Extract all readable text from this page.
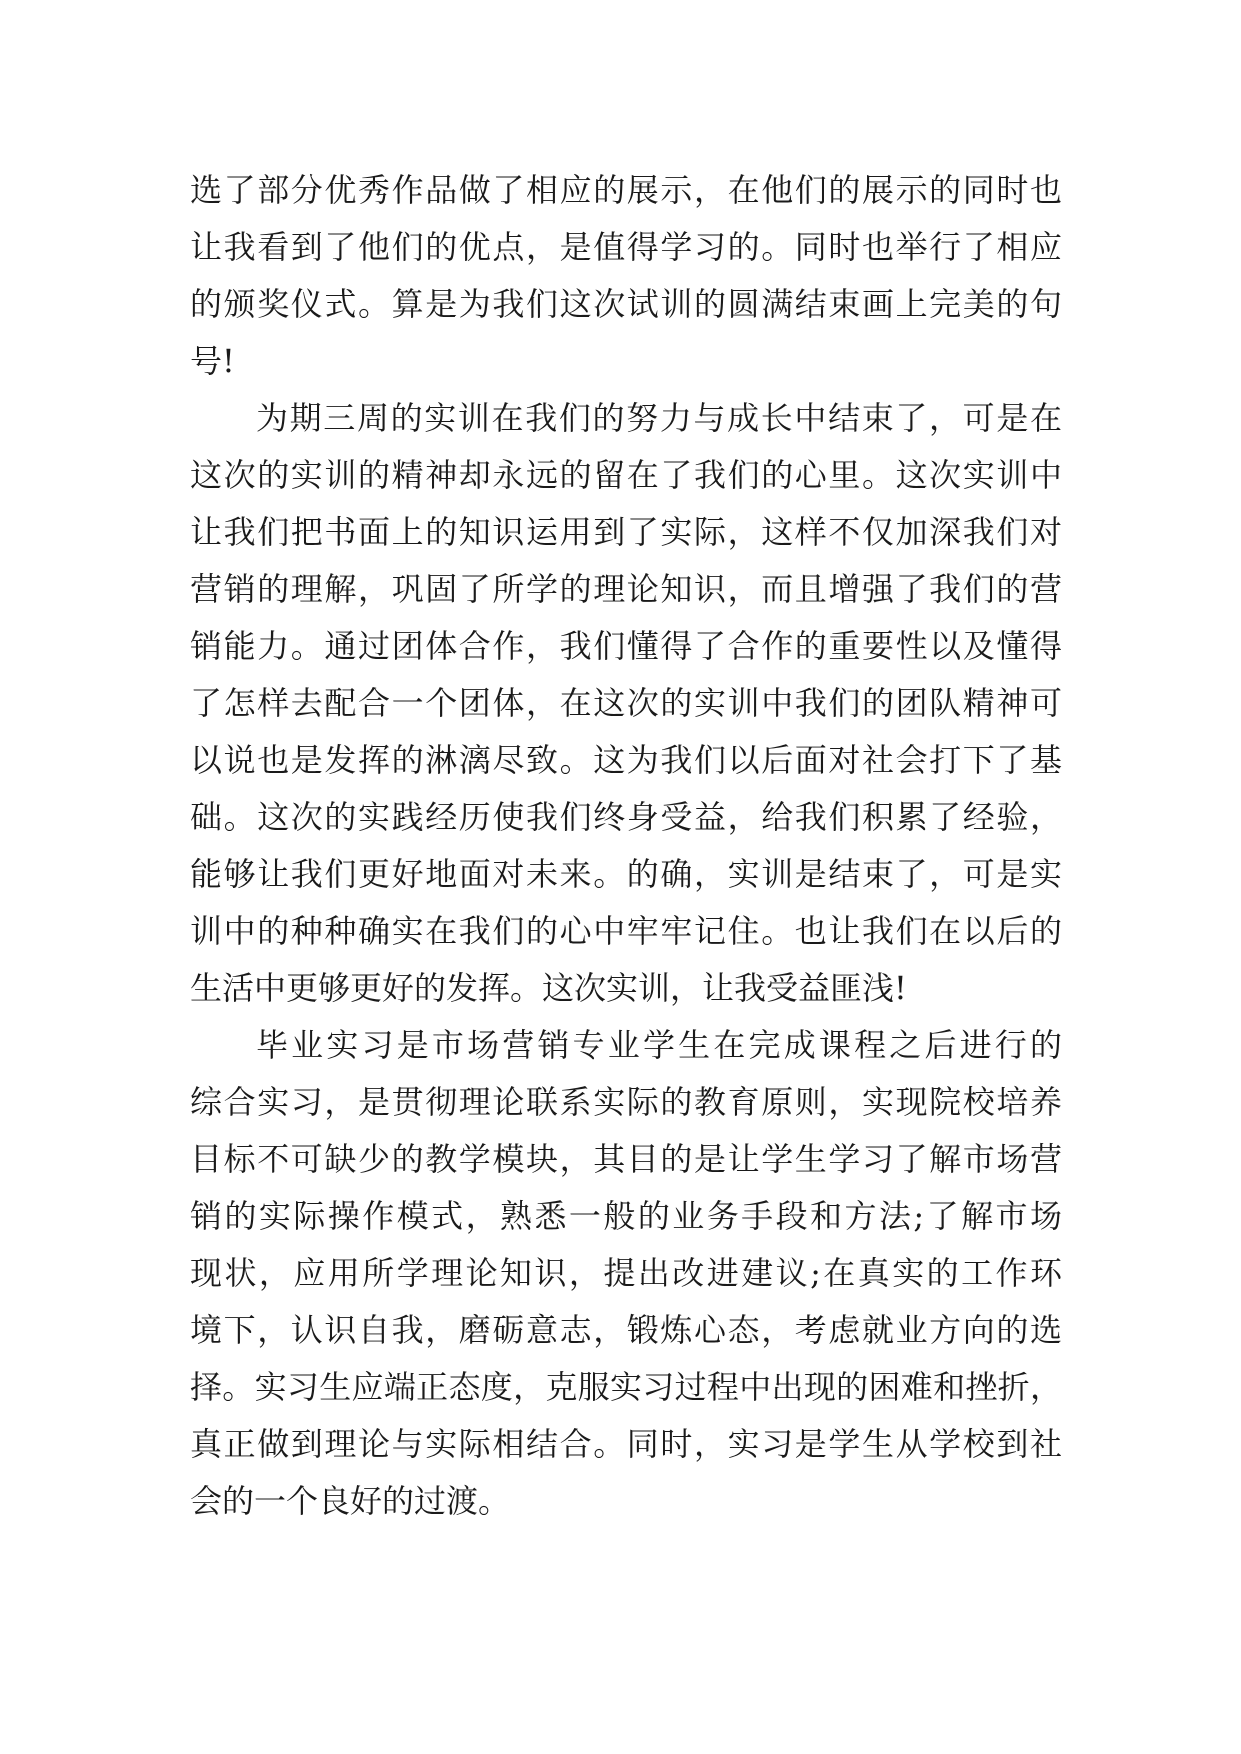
选了部分优秀作品做了相应的展示，在他们的展示的同时也
让我看到了他们的优点，是值得学习的。同时也举行了相应
的颁奖仪式。算是为我们这次试训的圆满结束画上完美的句
号!
为期三周的实训在我们的努力与成长中结束了，可是在
这次的实训的精神却永远的留在了我们的心里。这次实训中
让我们把书面上的知识运用到了实际，这样不仅加深我们对
营销的理解，巩固了所学的理论知识，而且增强了我们的营
销能力。通过团体合作，我们懂得了合作的重要性以及懂得
了怎样去配合一个团体，在这次的实训中我们的团队精神可
以说也是发挥的淋漓尽致。这为我们以后面对社会打下了基
础。这次的实践经历使我们终身受益，给我们积累了经验，
能够让我们更好地面对未来。的确，实训是结束了，可是实
训中的种种确实在我们的心中牢牢记住。也让我们在以后的
生活中更够更好的发挥。这次实训，让我受益匪浅!
毕业实习是市场营销专业学生在完成课程之后进行的
综合实习，是贯彻理论联系实际的教育原则，实现院校培养
目标不可缺少的教学模块，其目的是让学生学习了解市场营
销的实际操作模式，熟悉一般的业务手段和方法;了解市场
现状，应用所学理论知识，提出改进建议;在真实的工作环
境下，认识自我，磨砺意志，锻炼心态，考虑就业方向的选
择。实习生应端正态度，克服实习过程中出现的困难和挫折，
真正做到理论与实际相结合。同时，实习是学生从学校到社
会的一个良好的过渡。
